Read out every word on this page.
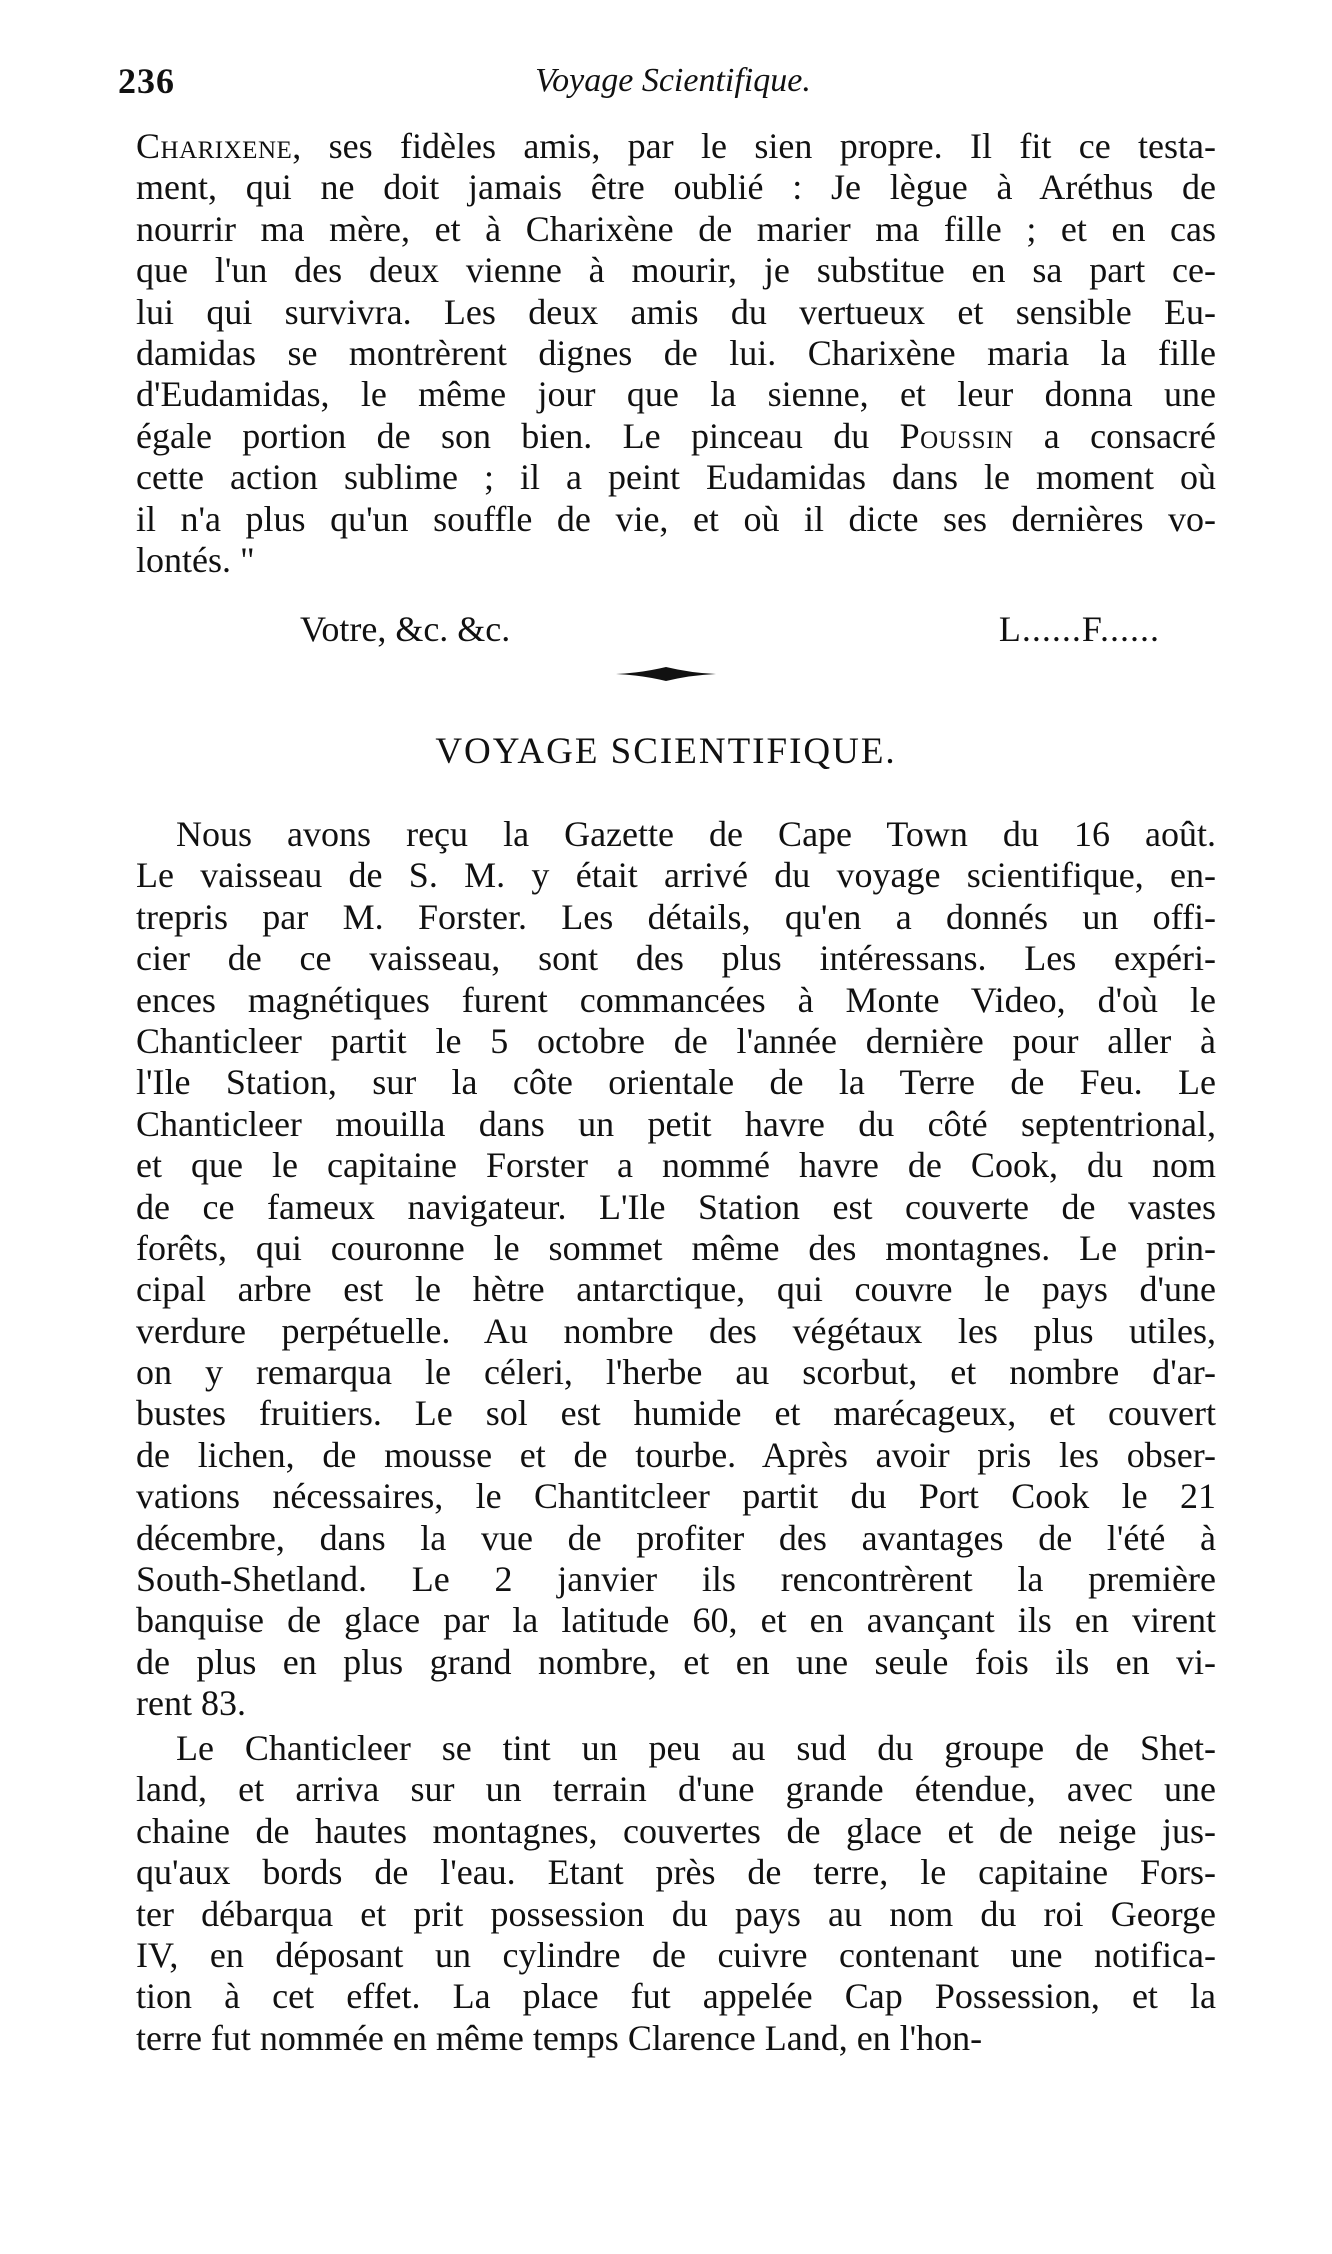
236	Voyage Scientifique.
Charixene, ses fidèles amis, par le sien propre. Il fit ce testa-
ment, qui ne doit jamais être oublié : Je lègue à Aréthus de
nourrir ma mère, et à Charixène de marier ma fille ; et en cas
que l'un des deux vienne à mourir, je substitue en sa part ce-
lui qui survivra. Les deux amis du vertueux et sensible Eu-
damidas se montrèrent dignes de lui. Charixène maria la fille
d'Eudamidas, le même jour que la sienne, et leur donna une
égale portion de son bien. Le pinceau du Poussin a consacré
cette action sublime ; il a peint Eudamidas dans le moment où
il n'a plus qu'un souffle de vie, et où il dicte ses dernières vo-
lontés. "
Votre, &c. &c.	L......F......
VOYAGE SCIENTIFIQUE.
Nous avons reçu la Gazette de Cape Town du 16 août.
Le vaisseau de S. M. y était arrivé du voyage scientifique, en-
trepris par M. Forster. Les détails, qu'en a donnés un offi-
cier de ce vaisseau, sont des plus intéressans. Les expéri-
ences magnétiques furent commancées à Monte Video, d'où le
Chanticleer partit le 5 octobre de l'année dernière pour aller à
l'Ile Station, sur la côte orientale de la Terre de Feu. Le
Chanticleer mouilla dans un petit havre du côté septentrional,
et que le capitaine Forster a nommé havre de Cook, du nom
de ce fameux navigateur. L'Ile Station est couverte de vastes
forêts, qui couronne le sommet même des montagnes. Le prin-
cipal arbre est le hètre antarctique, qui couvre le pays d'une
verdure perpétuelle. Au nombre des végétaux les plus utiles,
on y remarqua le céleri, l'herbe au scorbut, et nombre d'ar-
bustes fruitiers. Le sol est humide et marécageux, et couvert
de lichen, de mousse et de tourbe. Après avoir pris les obser-
vations nécessaires, le Chantitcleer partit du Port Cook le 21
décembre, dans la vue de profiter des avantages de l'été à
South-Shetland. Le 2 janvier ils rencontrèrent la première
banquise de glace par la latitude 60, et en avançant ils en virent
de plus en plus grand nombre, et en une seule fois ils en vi-
rent 83.
Le Chanticleer se tint un peu au sud du groupe de Shet-
land, et arriva sur un terrain d'une grande étendue, avec une
chaine de hautes montagnes, couvertes de glace et de neige jus-
qu'aux bords de l'eau. Etant près de terre, le capitaine Fors-
ter débarqua et prit possession du pays au nom du roi George
IV, en déposant un cylindre de cuivre contenant une notifica-
tion à cet effet. La place fut appelée Cap Possession, et la
terre fut nommée en même temps Clarence Land, en l'hon-
